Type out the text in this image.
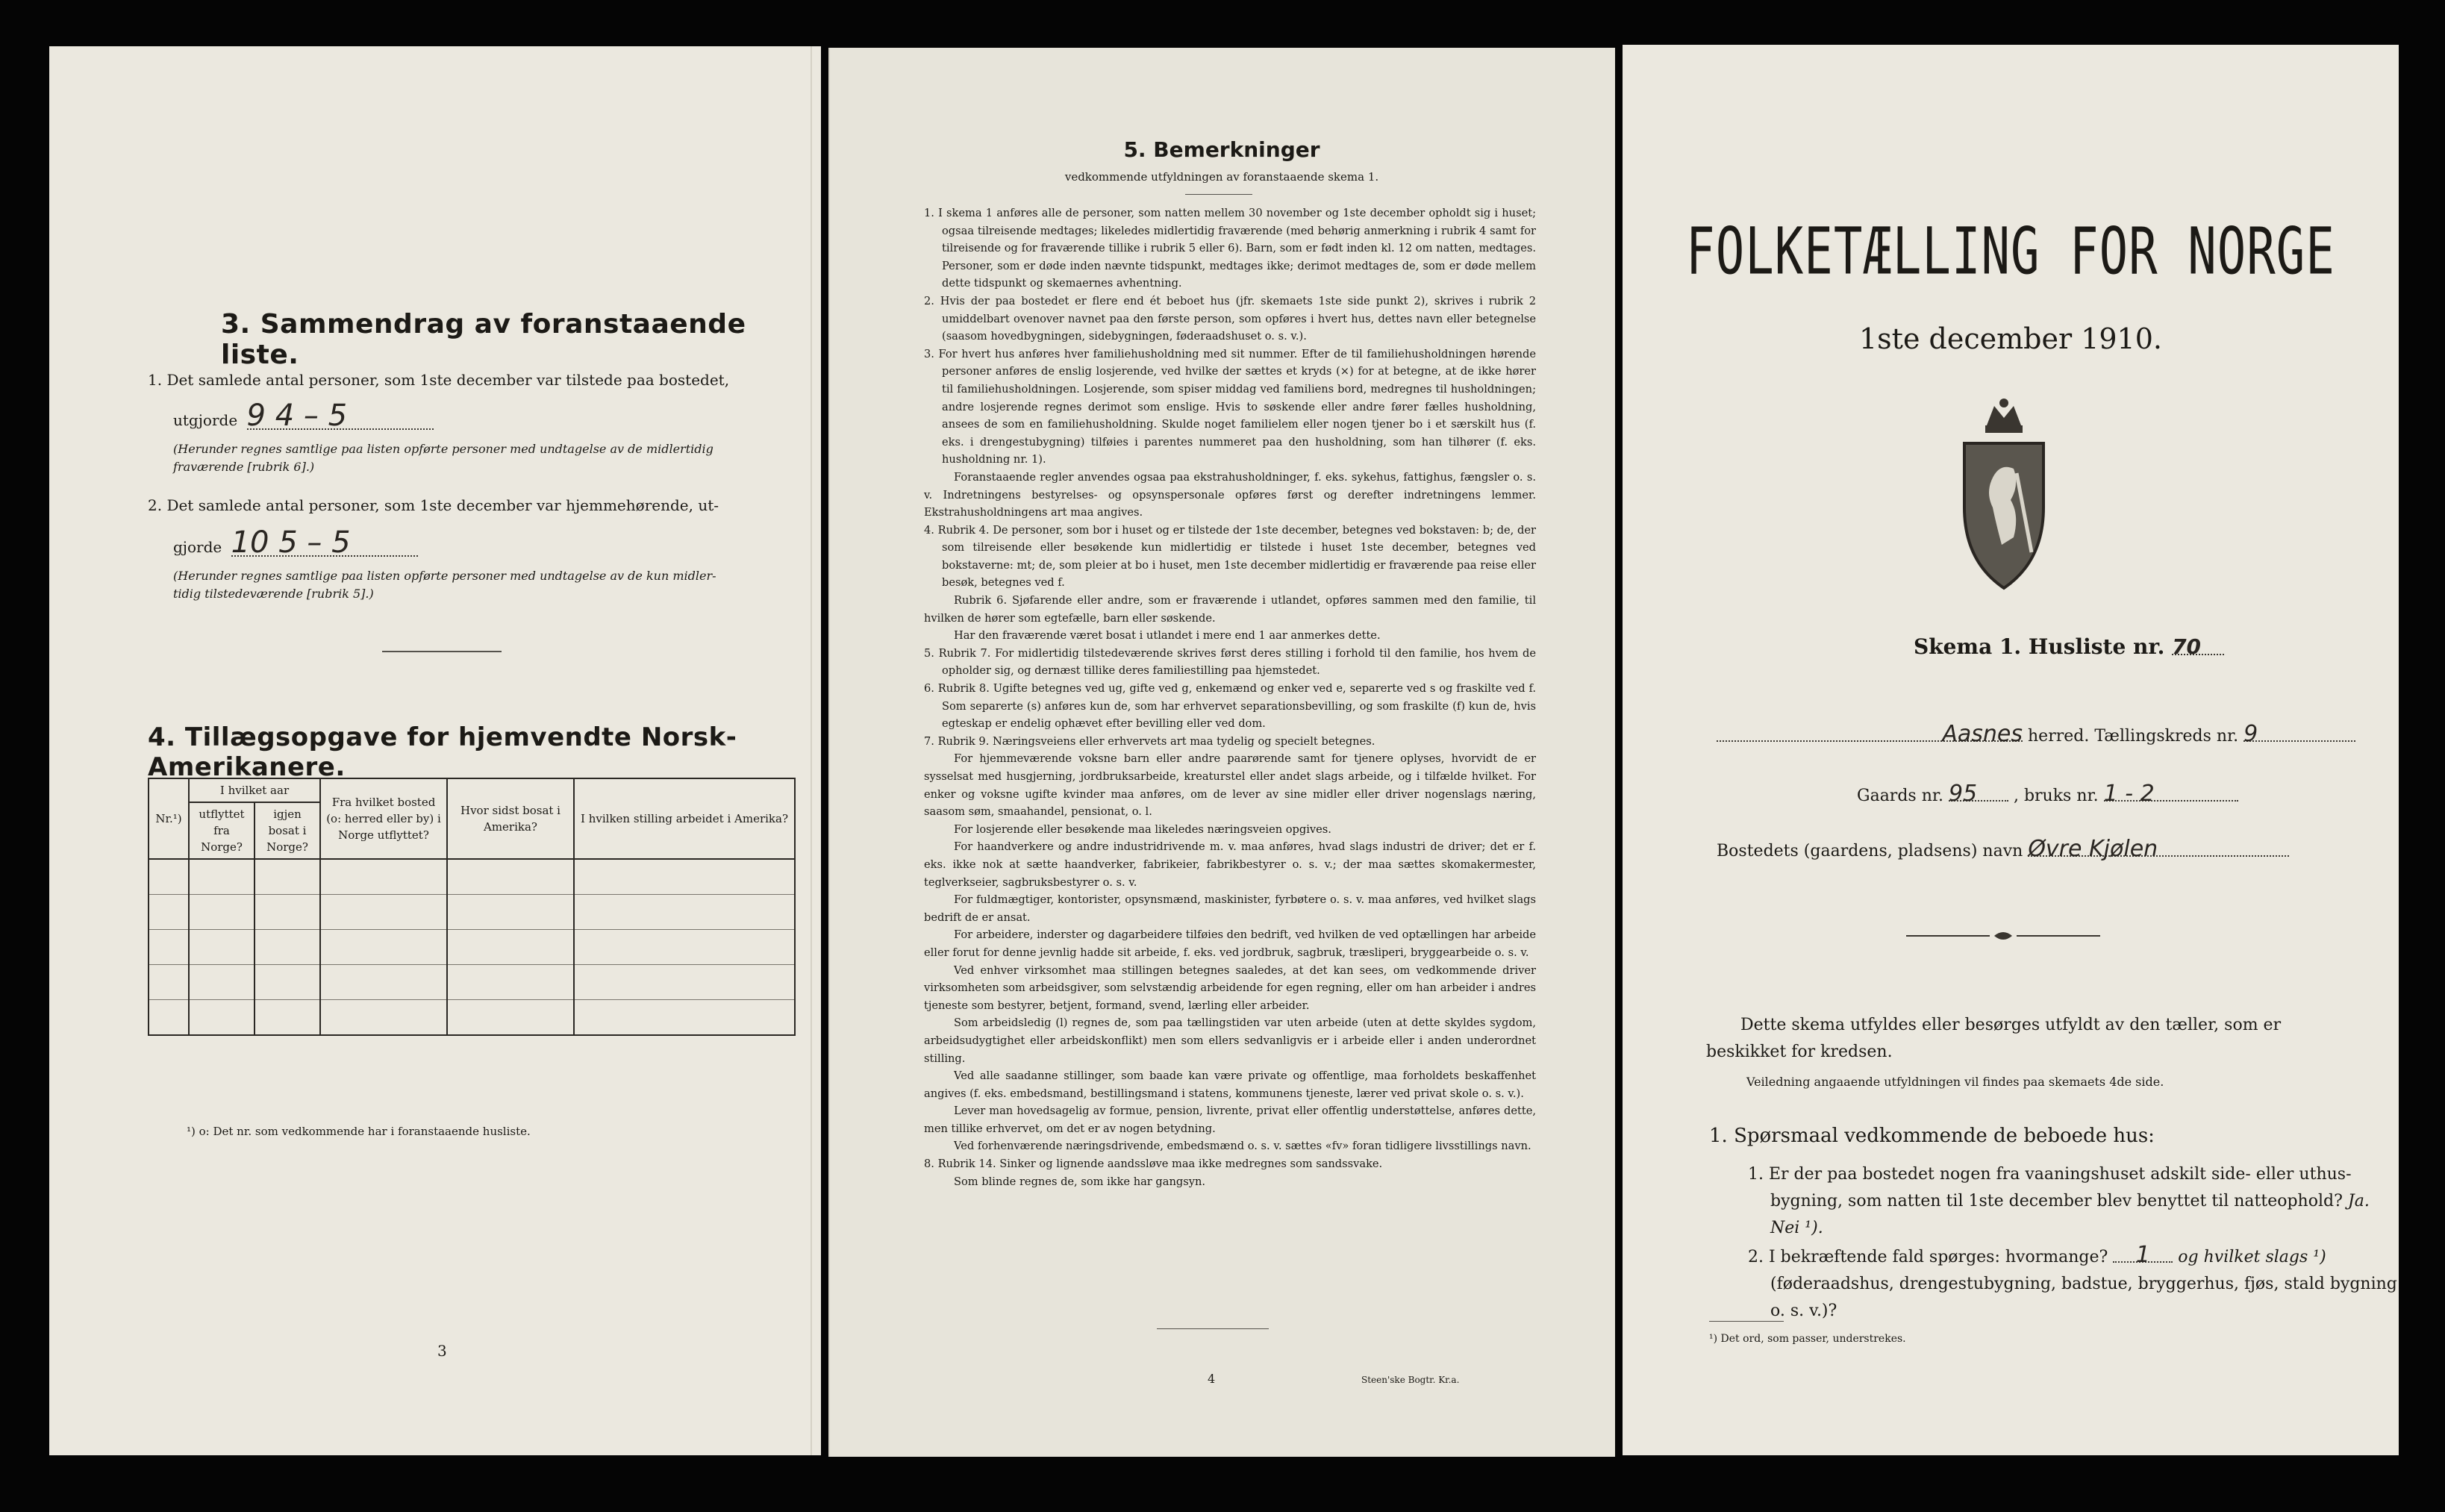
3. Sammendrag av foranstaaende liste.
1. Det samlede antal personer, som 1ste december var tilstede paa bostedet,
utgjorde 9 4 – 5
(Herunder regnes samtlige paa listen opførte personer med undtagelse av de midlertidig
fraværende [rubrik 6].)
2. Det samlede antal personer, som 1ste december var hjemmehørende, ut-
gjorde 10 5 – 5
(Herunder regnes samtlige paa listen opførte personer med undtagelse av de kun midler-
tidig tilstedeværende [rubrik 5].)
4. Tillægsopgave for hjemvendte Norsk-Amerikanere.
Nr.¹)	I hvilket aar		Fra hvilket bosted (o: herred eller by) i Norge utflyttet?	Hvor sidst bosat i Amerika?	I hvilken stilling arbeidet i Amerika?
	utflyttet fra Norge?	igjen bosat i Norge?			

¹) o: Det nr. som vedkommende har i foranstaaende husliste.
3
5. Bemerkninger
vedkommende utfyldningen av foranstaaende skema 1.

1. I skema 1 anføres alle de personer, som natten mellem 30 november og 1ste december opholdt sig i huset; ogsaa tilreisende medtages; likeledes midlertidig fraværende (med behørig anmerkning i rubrik 4 samt for tilreisende og for fraværende tillike i rubrik 5 eller 6). Barn, som er født inden kl. 12 om natten, medtages. Personer, som er døde inden nævnte tidspunkt, medtages ikke; derimot medtages de, som er døde mellem dette tidspunkt og skemaernes avhentning.

2. Hvis der paa bostedet er flere end ét beboet hus (jfr. skemaets 1ste side punkt 2), skrives i rubrik 2 umiddelbart ovenover navnet paa den første person, som opføres i hvert hus, dettes navn eller betegnelse (saasom hovedbygningen, sidebygningen, føderaadshuset o. s. v.).

3. For hvert hus anføres hver familiehusholdning med sit nummer. Efter de til familiehusholdningen hørende personer anføres de enslig losjerende, ved hvilke der sættes et kryds (×) for at betegne, at de ikke hører til familiehusholdningen. Losjerende, som spiser middag ved familiens bord, medregnes til husholdningen; andre losjerende regnes derimot som enslige. Hvis to søskende eller andre fører fælles husholdning, ansees de som en familiehusholdning. Skulde noget familielem eller nogen tjener bo i et særskilt hus (f. eks. i drengestubygning) tilføies i parentes nummeret paa den husholdning, som han tilhører (f. eks. husholdning nr. 1).

Foranstaaende regler anvendes ogsaa paa ekstrahusholdninger, f. eks. sykehus, fattighus, fængsler o. s. v. Indretningens bestyrelses- og opsynspersonale opføres først og derefter indretningens lemmer. Ekstrahusholdningens art maa angives.

4. Rubrik 4. De personer, som bor i huset og er tilstede der 1ste december, betegnes ved bokstaven: b; de, der som tilreisende eller besøkende kun midlertidig er tilstede i huset 1ste december, betegnes ved bokstaverne: mt; de, som pleier at bo i huset, men 1ste december midlertidig er fraværende paa reise eller besøk, betegnes ved f.

Rubrik 6. Sjøfarende eller andre, som er fraværende i utlandet, opføres sammen med den familie, til hvilken de hører som egtefælle, barn eller søskende.

Har den fraværende været bosat i utlandet i mere end 1 aar anmerkes dette.

5. Rubrik 7. For midlertidig tilstedeværende skrives først deres stilling i forhold til den familie, hos hvem de opholder sig, og dernæst tillike deres familiestilling paa hjemstedet.

6. Rubrik 8. Ugifte betegnes ved ug, gifte ved g, enkemænd og enker ved e, separerte ved s og fraskilte ved f. Som separerte (s) anføres kun de, som har erhvervet separationsbevilling, og som fraskilte (f) kun de, hvis egteskap er endelig ophævet efter bevilling eller ved dom.

7. Rubrik 9. Næringsveiens eller erhvervets art maa tydelig og specielt betegnes.

For hjemmeværende voksne barn eller andre paarørende samt for tjenere oplyses, hvorvidt de er sysselsat med husgjerning, jordbruksarbeide, kreaturstel eller andet slags arbeide, og i tilfælde hvilket. For enker og voksne ugifte kvinder maa anføres, om de lever av sine midler eller driver nogenslags næring, saasom søm, smaahandel, pensionat, o. l.

For losjerende eller besøkende maa likeledes næringsveien opgives.

For haandverkere og andre industridrivende m. v. maa anføres, hvad slags industri de driver; det er f. eks. ikke nok at sætte haandverker, fabrikeier, fabrikbestyrer o. s. v.; der maa sættes skomakermester, teglverkseier, sagbruksbestyrer o. s. v.

For fuldmægtiger, kontorister, opsynsmænd, maskinister, fyrbøtere o. s. v. maa anføres, ved hvilket slags bedrift de er ansat.

For arbeidere, inderster og dagarbeidere tilføies den bedrift, ved hvilken de ved optællingen har arbeide eller forut for denne jevnlig hadde sit arbeide, f. eks. ved jordbruk, sagbruk, træsliperi, bryggearbeide o. s. v.

Ved enhver virksomhet maa stillingen betegnes saaledes, at det kan sees, om vedkommende driver virksomheten som arbeidsgiver, som selvstændig arbeidende for egen regning, eller om han arbeider i andres tjeneste som bestyrer, betjent, formand, svend, lærling eller arbeider.

Som arbeidsledig (l) regnes de, som paa tællingstiden var uten arbeide (uten at dette skyldes sygdom, arbeidsudygtighet eller arbeidskonflikt) men som ellers sedvanligvis er i arbeide eller i anden underordnet stilling.

Ved alle saadanne stillinger, som baade kan være private og offentlige, maa forholdets beskaffenhet angives (f. eks. embedsmand, bestillingsmand i statens, kommunens tjeneste, lærer ved privat skole o. s. v.).

Lever man hovedsagelig av formue, pension, livrente, privat eller offentlig understøttelse, anføres dette, men tillike erhvervet, om det er av nogen betydning.

Ved forhenværende næringsdrivende, embedsmænd o. s. v. sættes «fv» foran tidligere livsstillings navn.

8. Rubrik 14. Sinker og lignende aandssløve maa ikke medregnes som sandssvake.

Som blinde regnes de, som ikke har gangsyn.

4	Steen'ske Bogtr. Kr.a.
FOLKETÆLLING FOR NORGE
1ste december 1910.
Skema 1. Husliste nr. 70
Aasnes herred. Tællingskreds nr. 9
Gaards nr. 95 , bruks nr. 1 - 2
Bostedets (gaardens, pladsens) navn Øvre Kjølen
Dette skema utfyldes eller besørges utfyldt av den tæller, som er beskikket for kredsen.
Veiledning angaaende utfyldningen vil findes paa skemaets 4de side.
1. Spørsmaal vedkommende de beboede hus:
1. Er der paa bostedet nogen fra vaaningshuset adskilt side- eller uthus-bygning, som natten til 1ste december blev benyttet til natteophold? Ja. Nei ¹).
2. I bekræftende fald spørges: hvormange? 1 og hvilket slags ¹) (føderaadshus, drengestubygning, badstue, bryggerhus, fjøs, stald bygning o. s. v.)?
¹) Det ord, som passer, understrekes.
